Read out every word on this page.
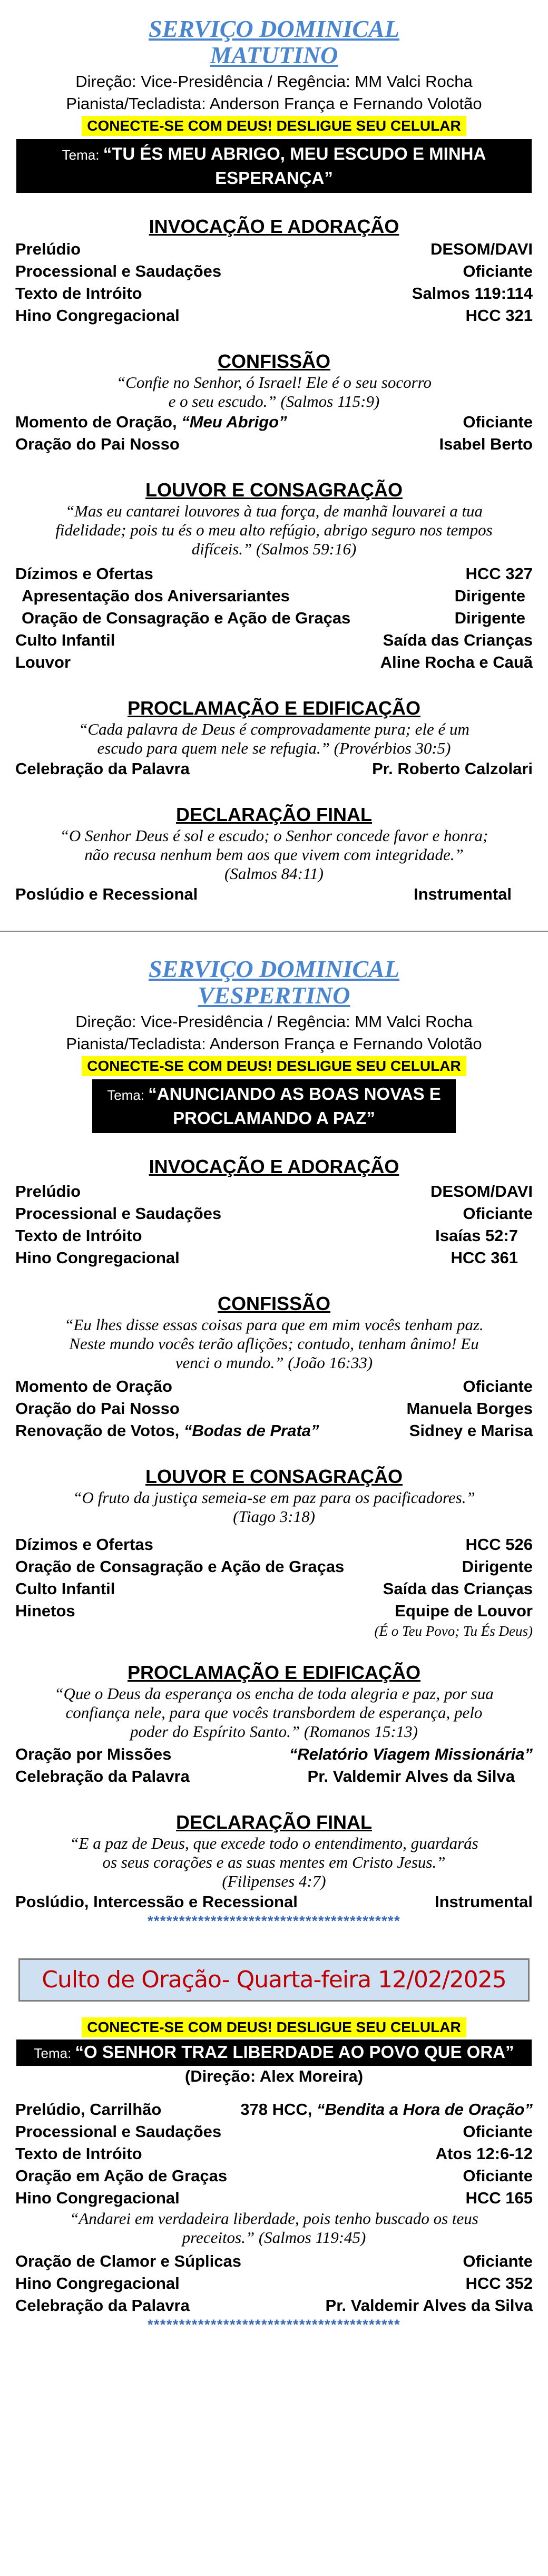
SERVIÇO DOMINICAL
MATUTINO

Direção: Vice-Presidência / Regência: MM Valci Rocha

Pianista/Tecladista: Anderson França e Fernando Volotão

CONECTE-SE COM DEUS! DESLIGUE SEU CELULAR
Tema: “TU ÉS MEU ABRIGO, MEU ESCUDO E MINHA
ESPERANÇA”
INVOCAÇÃO E ADORAÇÃO
Prelúdio	DESOM/DAVI
Processional e Saudações	Oficiante
Texto de Intróito	Salmos 119:114
Hino Congregacional	HCC 321
CONFISSÃO

“Confie no Senhor, ó Israel! Ele é o seu socorro
e o seu escudo.” (Salmos 115:9)

Momento de Oração, “Meu Abrigo”	Oficiante
Oração do Pai Nosso	Isabel Berto
LOUVOR E CONSAGRAÇÃO

“Mas eu cantarei louvores à tua força, de manhã louvarei a tua
fidelidade; pois tu és o meu alto refúgio, abrigo seguro nos tempos
difíceis.” (Salmos 59:16)

Dízimos e Ofertas	HCC 327
Apresentação dos Aniversariantes	Dirigente
Oração de Consagração e Ação de Graças	Dirigente
Culto Infantil	Saída das Crianças
Louvor	Aline Rocha e Cauã
PROCLAMAÇÃO E EDIFICAÇÃO

“Cada palavra de Deus é comprovadamente pura; ele é um
escudo para quem nele se refugia.” (Provérbios 30:5)

Celebração da Palavra	Pr. Roberto Calzolari
DECLARAÇÃO FINAL

“O Senhor Deus é sol e escudo; o Senhor concede favor e honra;
não recusa nenhum bem aos que vivem com integridade.”
(Salmos 84:11)

Poslúdio e Recessional	Instrumental
SERVIÇO DOMINICAL
VESPERTINO

Direção: Vice-Presidência / Regência: MM Valci Rocha

Pianista/Tecladista: Anderson França e Fernando Volotão

CONECTE-SE COM DEUS! DESLIGUE SEU CELULAR
Tema: “ANUNCIANDO AS BOAS NOVAS E
PROCLAMANDO A PAZ”
INVOCAÇÃO E ADORAÇÃO
Prelúdio	DESOM/DAVI
Processional e Saudações	Oficiante
Texto de Intróito	Isaías 52:7
Hino Congregacional	HCC 361
CONFISSÃO

“Eu lhes disse essas coisas para que em mim vocês tenham paz.
Neste mundo vocês terão aflições; contudo, tenham ânimo! Eu
venci o mundo.” (João 16:33)

Momento de Oração	Oficiante
Oração do Pai Nosso	Manuela Borges
Renovação de Votos, “Bodas de Prata”	Sidney e Marisa
LOUVOR E CONSAGRAÇÃO

“O fruto da justiça semeia-se em paz para os pacificadores.”
(Tiago 3:18)

Dízimos e Ofertas	HCC 526
Oração de Consagração e Ação de Graças	Dirigente
Culto Infantil	Saída das Crianças
Hinetos	Equipe de Louvor
(É o Teu Povo; Tu És Deus)
PROCLAMAÇÃO E EDIFICAÇÃO

“Que o Deus da esperança os encha de toda alegria e paz, por sua
confiança nele, para que vocês transbordem de esperança, pelo
poder do Espírito Santo.” (Romanos 15:13)

Oração por Missões	“Relatório Viagem Missionária”
Celebração da Palavra	Pr. Valdemir Alves da Silva
DECLARAÇÃO FINAL

“E a paz de Deus, que excede todo o entendimento, guardarás
os seus corações e as suas mentes em Cristo Jesus.”
(Filipenses 4:7)

Poslúdio, Intercessão e Recessional	Instrumental
****************************************
Culto de Oração- Quarta-feira 12/02/2025
CONECTE-SE COM DEUS! DESLIGUE SEU CELULAR
Tema: “O SENHOR TRAZ LIBERDADE AO POVO QUE ORA”
(Direção: Alex Moreira)
Prelúdio, Carrilhão	378 HCC, “Bendita a Hora de Oração”
Processional e Saudações	Oficiante
Texto de Intróito	Atos 12:6-12
Oração em Ação de Graças	Oficiante
Hino Congregacional	HCC 165

“Andarei em verdadeira liberdade, pois tenho buscado os teus
preceitos.” (Salmos 119:45)

Oração de Clamor e Súplicas	Oficiante
Hino Congregacional	HCC 352
Celebração da Palavra	Pr. Valdemir Alves da Silva
****************************************
